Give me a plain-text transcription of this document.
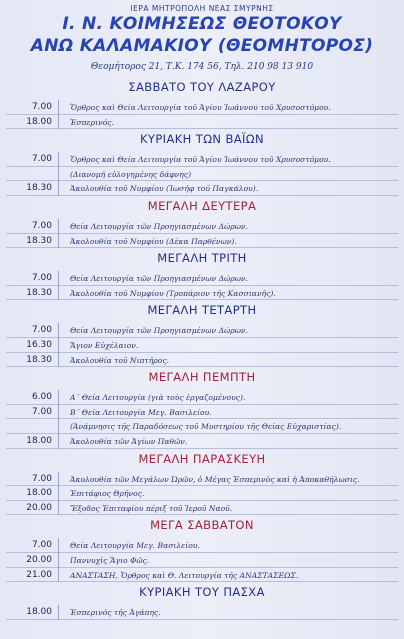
ΙΕΡΑ ΜΗΤΡΟΠΟΛΗ ΝΕΑΣ ΣΜΥΡΝΗΣ
Ι. Ν. ΚΟΙΜΗΣΕΩΣ ΘΕΟΤΟΚΟΥ
ΑΝΩ ΚΑΛΑΜΑΚΙΟΥ (ΘΕΟΜΗΤΟΡΟΣ)
Θεομήτορος 21, Τ.Κ. 174 56, Τηλ. 210 98 13 910
ΣΑΒΒΑΤΟ ΤΟΥ ΛΑΖΑΡΟΥ
7.00 Ὄρθρος καὶ Θεία Λειτουργία τοῦ Ἁγίου Ἰωάννου τοῦ Χρυσοστόμου.
18.00 Ἑσπερινός.
ΚΥΡΙΑΚΗ ΤΩΝ ΒΑΪΩΝ
7.00 Ὄρθρος καὶ Θεία Λειτουργία τοῦ Ἁγίου Ἰωάννου τοῦ Χρυσοστόμου.
(Διανομή εὐλογημένης δάφνης)
18.30 Ἀκολουθία τοῦ Νυμφίου (Ἰωσήφ τοῦ Παγκάλου).
ΜΕΓΑΛΗ ΔΕΥΤΕΡΑ
7.00 Θεία Λειτουργία τῶν Προηγιασμένων Δώρων.
18.30 Ἀκολουθία τοῦ Νυμφίου (Δέκα Παρθένων).
ΜΕΓΑΛΗ ΤΡΙΤΗ
7.00 Θεία Λειτουργία τῶν Προηγιασμένων Δώρων.
18.30 Ἀκολουθία τοῦ Νυμφίου (Τροπάριον τῆς Κασσιανῆς).
ΜΕΓΑΛΗ ΤΕΤΑΡΤΗ
7.00 Θεία Λειτουργία τῶν Προηγιασμένων Δώρων.
16.30 Ἅγιον Εὐχέλαιον.
18.30 Ἀκολουθία τοῦ Νιπτῆρος.
ΜΕΓΑΛΗ ΠΕΜΠΤΗ
6.00 Α΄ Θεία Λειτουργία (γιὰ τοὺς ἐργαζομένους).
7.00 Β΄ Θεία Λειτουργία Μεγ. Βασιλείου.
(Ἀνάμνησις τῆς Παραδόσεως τοῦ Μυστηρίου τῆς Θείας Εὐχαριστίας).
18.00 Ἀκολουθία τῶν Ἁγίων Παθῶν.
ΜΕΓΑΛΗ ΠΑΡΑΣΚΕΥΗ
7.00 Ἀκολουθία τῶν Μεγάλων Ὡρῶν, ὁ Μέγας Ἑσπερινὸς καὶ ἡ Ἀποκαθήλωσις.
18.00 Ἐπιτάφιος Θρῆνος.
20.00 Ἔξοδος Ἐπιταφίου πέριξ τοῦ Ἱεροῦ Ναοῦ.
ΜΕΓΑ ΣΑΒΒΑΤΟΝ
7.00 Θεία Λειτουργία Μεγ. Βασιλείου.
20.00 Παννυχὶς Ἅγιο Φῶς.
21.00 ΑΝΑΣΤΑΣΗ, Ὄρθρος καὶ Θ. Λειτουργία τῆς ΑΝΑΣΤΑΣΕΩΣ.
ΚΥΡΙΑΚΗ ΤΟΥ ΠΑΣΧΑ
18.00 Ἑσπερινὸς τῆς Ἀγάπης.
